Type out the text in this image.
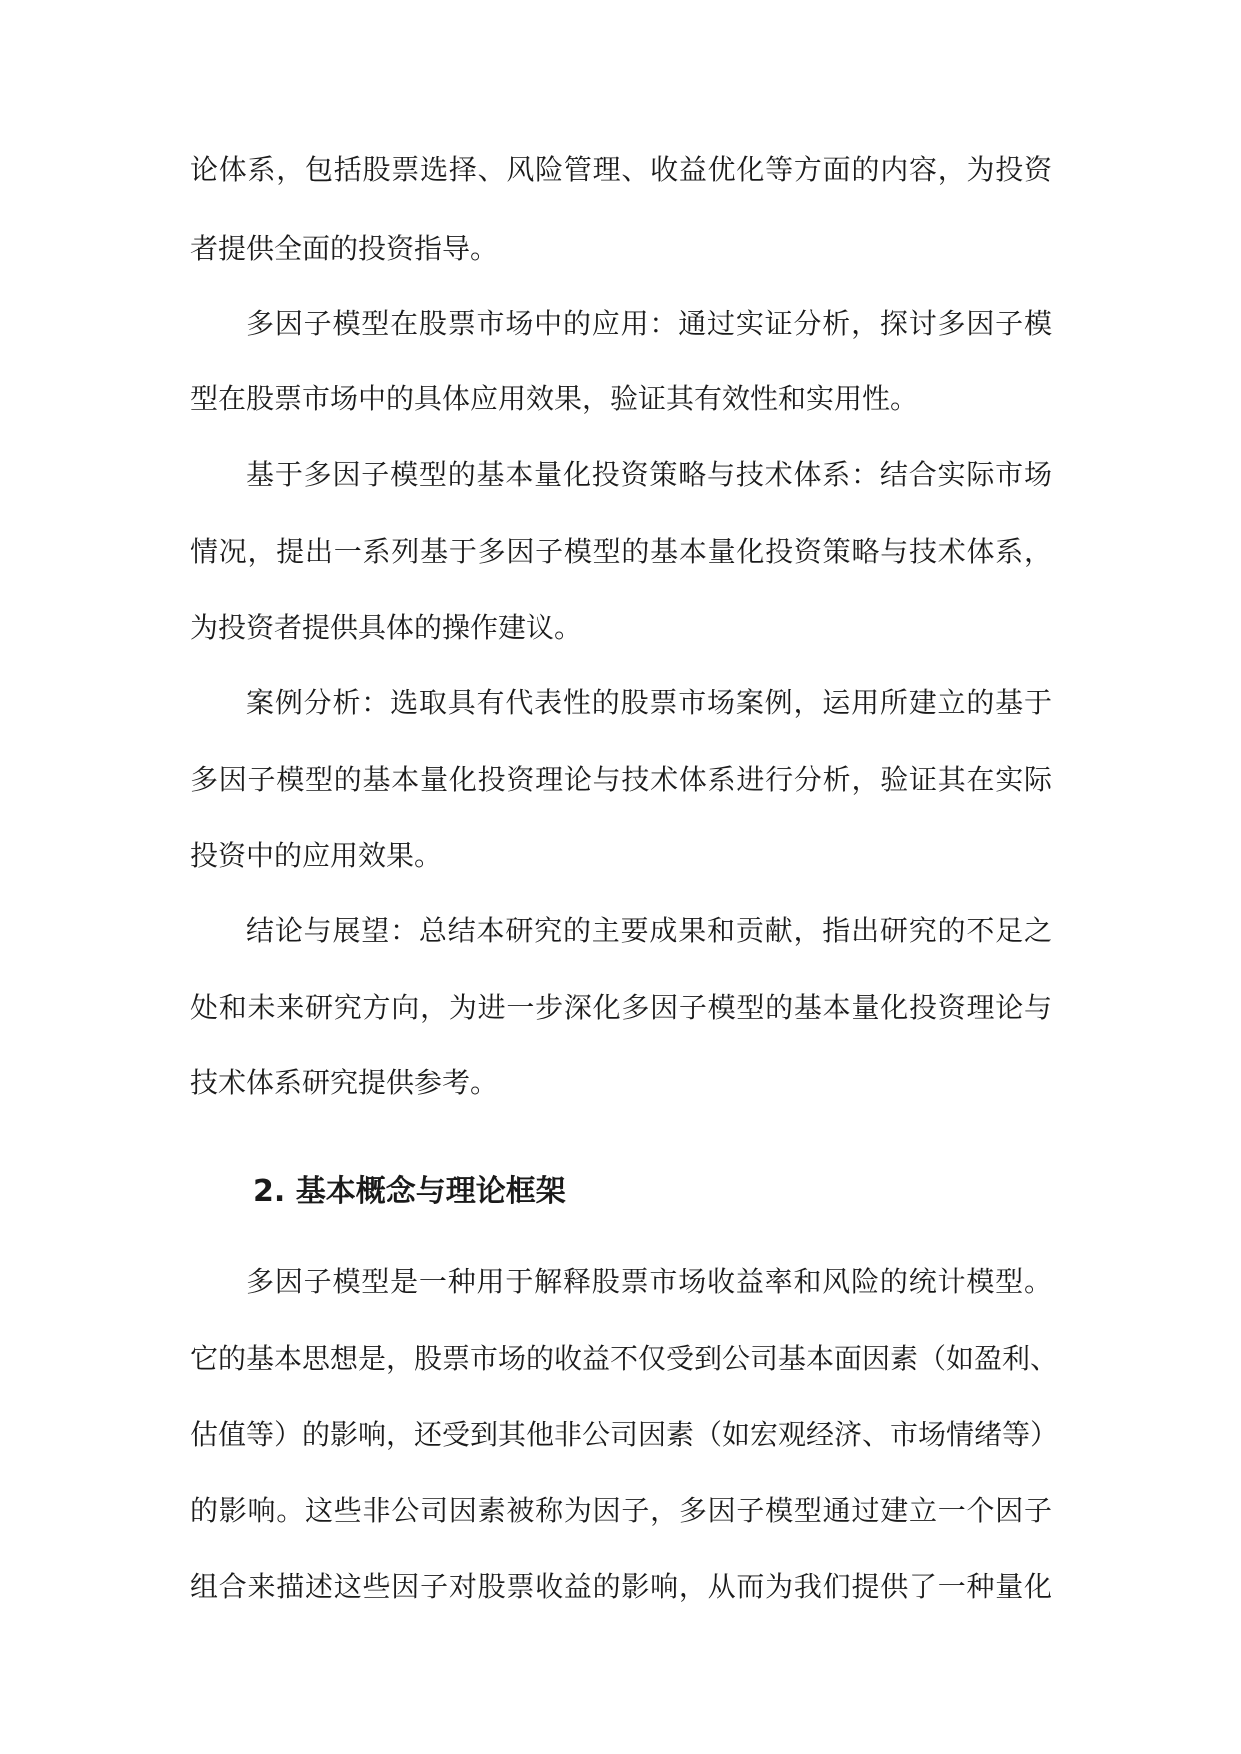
论体系，包括股票选择、风险管理、收益优化等方面的内容，为投资
者提供全面的投资指导。
多因子模型在股票市场中的应用：通过实证分析，探讨多因子模
型在股票市场中的具体应用效果，验证其有效性和实用性。
基于多因子模型的基本量化投资策略与技术体系：结合实际市场
情况，提出一系列基于多因子模型的基本量化投资策略与技术体系，
为投资者提供具体的操作建议。
案例分析：选取具有代表性的股票市场案例，运用所建立的基于
多因子模型的基本量化投资理论与技术体系进行分析，验证其在实际
投资中的应用效果。
结论与展望：总结本研究的主要成果和贡献，指出研究的不足之
处和未来研究方向，为进一步深化多因子模型的基本量化投资理论与
技术体系研究提供参考。
2. 基本概念与理论框架
多因子模型是一种用于解释股票市场收益率和风险的统计模型。
它的基本思想是，股票市场的收益不仅受到公司基本面因素（如盈利、
估值等）的影响，还受到其他非公司因素（如宏观经济、市场情绪等）
的影响。这些非公司因素被称为因子，多因子模型通过建立一个因子
组合来描述这些因子对股票收益的影响，从而为我们提供了一种量化
